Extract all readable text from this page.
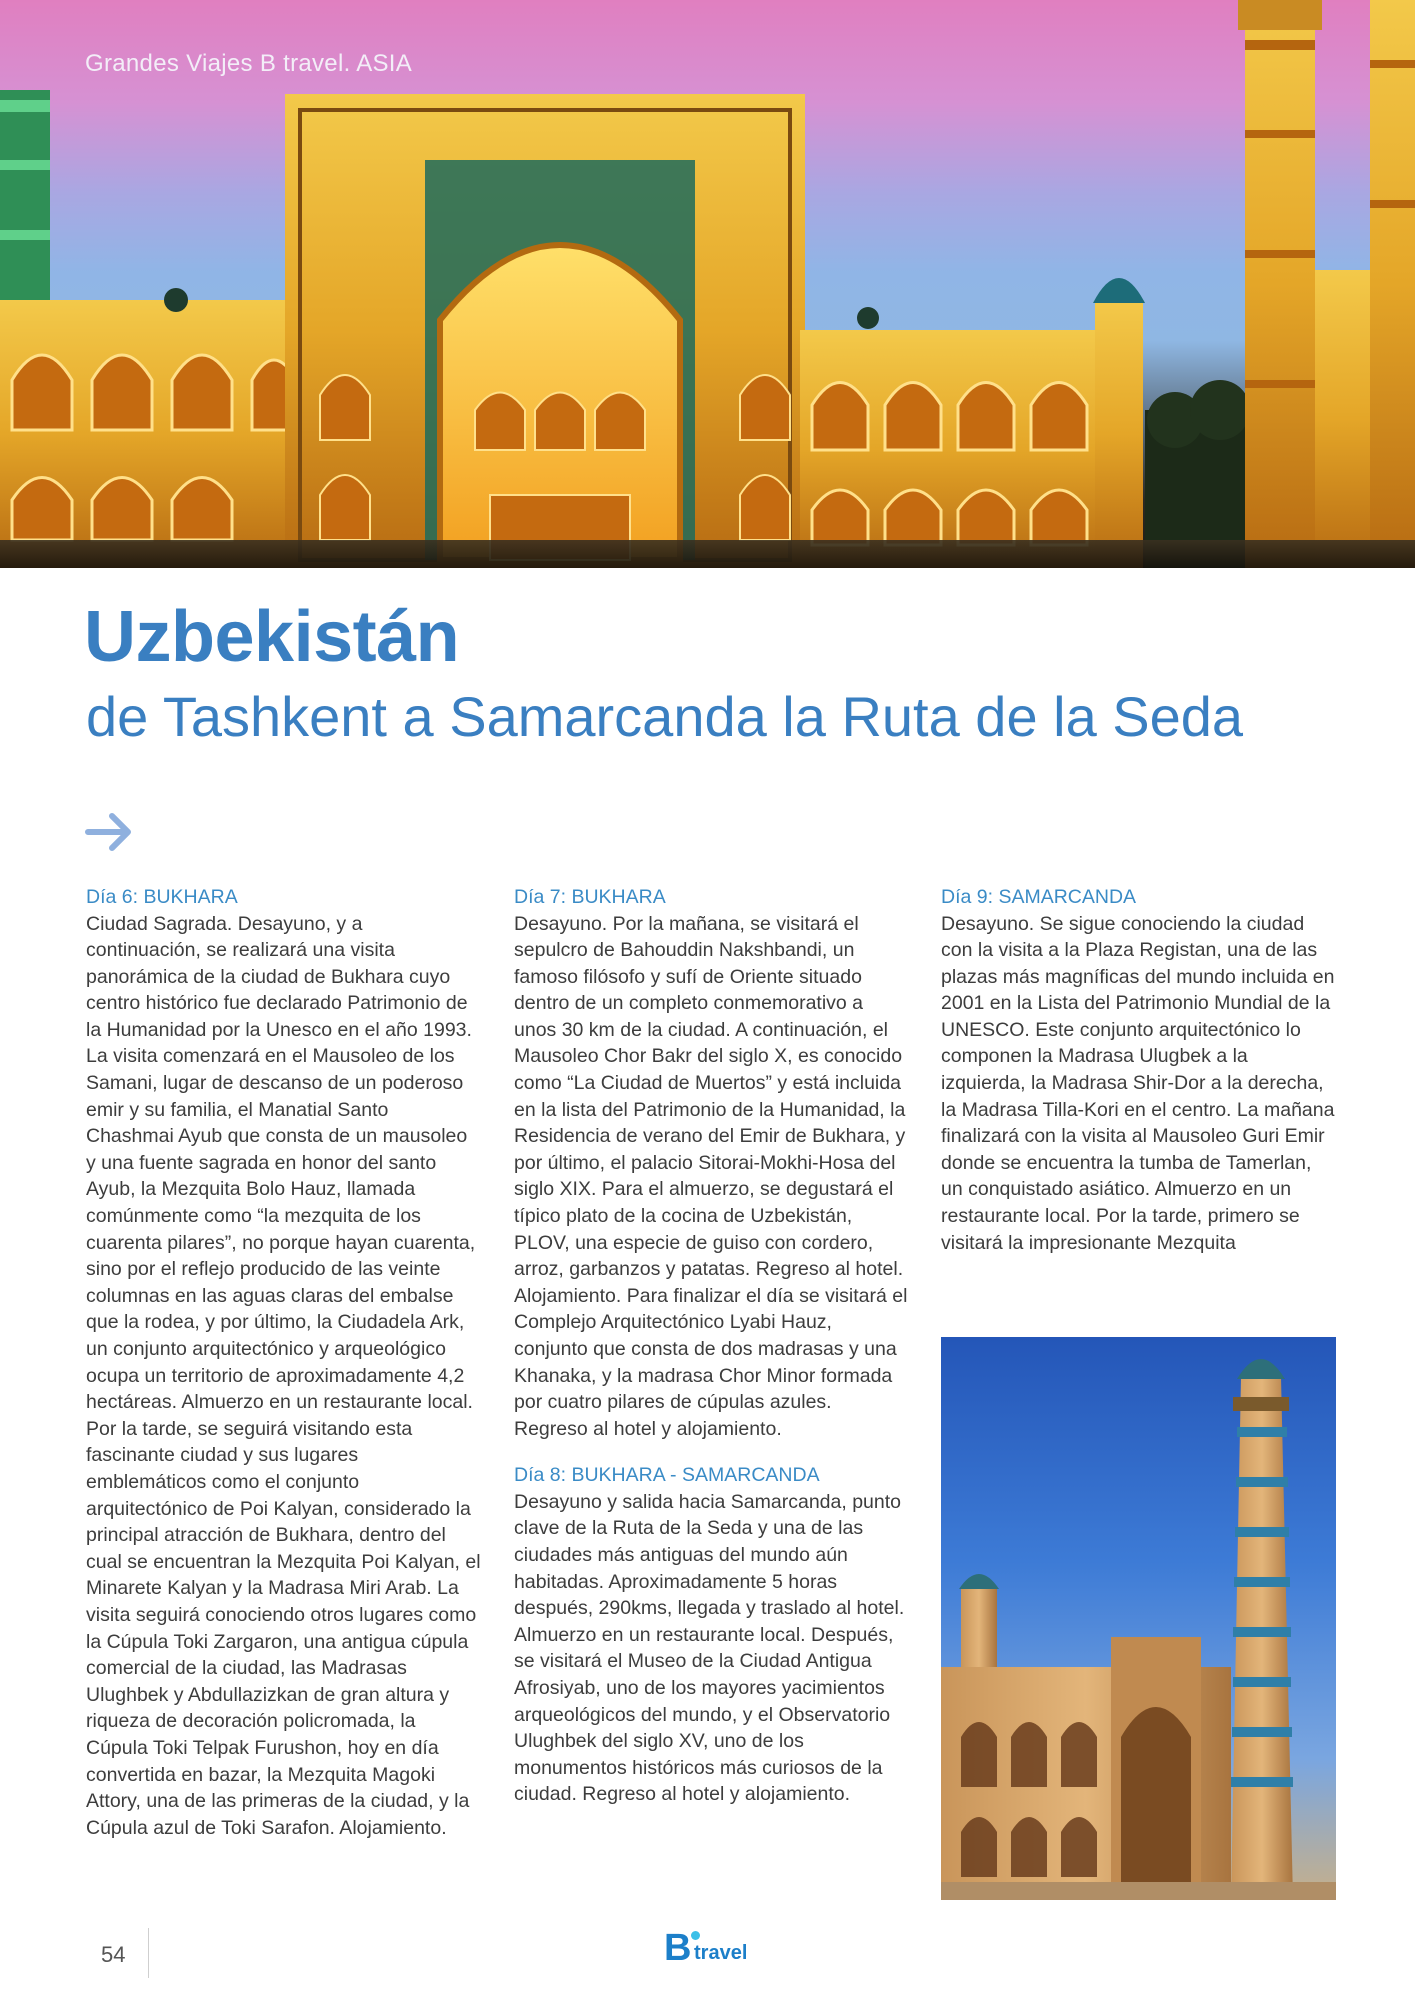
Grandes Viajes B travel. ASIA
Uzbekistán
de Tashkent a Samarcanda la Ruta de la Seda

Día 6: BUKHARA

Ciudad Sagrada. Desayuno, y a continuación, se realizará una visita panorámica de la ciudad de Bukhara cuyo centro histórico fue declarado Patrimonio de la Humanidad por la Unesco en el año 1993. La visita comenzará en el Mausoleo de los Samani, lugar de descanso de un poderoso emir y su familia, el Manatial Santo Chashmai Ayub que consta de un mausoleo y una fuente sagrada en honor del santo Ayub, la Mezquita Bolo Hauz, llamada comúnmente como “la mezquita de los cuarenta pilares”, no porque hayan cuarenta, sino por el reflejo producido de las veinte columnas en las aguas claras del embalse que la rodea, y por último, la Ciudadela Ark, un conjunto arquitectónico y arqueológico ocupa un territorio de aproximadamente 4,2 hectáreas. Almuerzo en un restaurante local. Por la tarde, se seguirá visitando esta fascinante ciudad y sus lugares emblemáticos como el conjunto arquitectónico de Poi Kalyan, considerado la principal atracción de Bukhara, dentro del cual se encuentran la Mezquita Poi Kalyan, el Minarete Kalyan y la Madrasa Miri Arab. La visita seguirá conociendo otros lugares como la Cúpula Toki Zargaron, una antigua cúpula comercial de la ciudad, las Madrasas Ulughbek y Abdullazizkan de gran altura y riqueza de decoración policromada, la Cúpula Toki Telpak Furushon, hoy en día convertida en bazar, la Mezquita Magoki Attory, una de las primeras de la ciudad, y la Cúpula azul de Toki Sarafon. Alojamiento.

Día 7: BUKHARA

Desayuno. Por la mañana, se visitará el sepulcro de Bahouddin Nakshbandi, un famoso filósofo y sufí de Oriente situado dentro de un completo conmemorativo a unos 30 km de la ciudad. A continuación, el Mausoleo Chor Bakr del siglo X, es conocido como “La Ciudad de Muertos” y está incluida en la lista del Patrimonio de la Humanidad, la Residencia de verano del Emir de Bukhara, y por último, el palacio Sitorai-Mokhi-Hosa del siglo XIX. Para el almuerzo, se degustará el típico plato de la cocina de Uzbekistán, PLOV, una especie de guiso con cordero, arroz, garbanzos y patatas. Regreso al hotel. Alojamiento. Para finalizar el día se visitará el Complejo Arquitectónico Lyabi Hauz, conjunto que consta de dos madrasas y una Khanaka, y la madrasa Chor Minor formada por cuatro pilares de cúpulas azules. Regreso al hotel y alojamiento.

Día 8: BUKHARA - SAMARCANDA

Desayuno y salida hacia Samarcanda, punto clave de la Ruta de la Seda y una de las ciudades más antiguas del mundo aún habitadas. Aproximadamente 5 horas después, 290kms, llegada y traslado al hotel. Almuerzo en un restaurante local. Después, se visitará el Museo de la Ciudad Antigua Afrosiyab, uno de los mayores yacimientos arqueológicos del mundo, y el Observatorio Ulughbek del siglo XV, uno de los monumentos históricos más curiosos de la ciudad. Regreso al hotel y alojamiento.

Día 9: SAMARCANDA

Desayuno. Se sigue conociendo la ciudad con la visita a la Plaza Registan, una de las plazas más magníficas del mundo incluida en 2001 en la Lista del Patrimonio Mundial de la UNESCO. Este conjunto arquitectónico lo componen la Madrasa Ulugbek a la izquierda, la Madrasa Shir-Dor a la derecha, la Madrasa Tilla-Kori en el centro. La mañana finalizará con la visita al Mausoleo Guri Emir donde se encuentra la tumba de Tamerlan, un conquistado asiático. Almuerzo en un restaurante local. Por la tarde, primero se visitará la impresionante Mezquita

54	B travel
